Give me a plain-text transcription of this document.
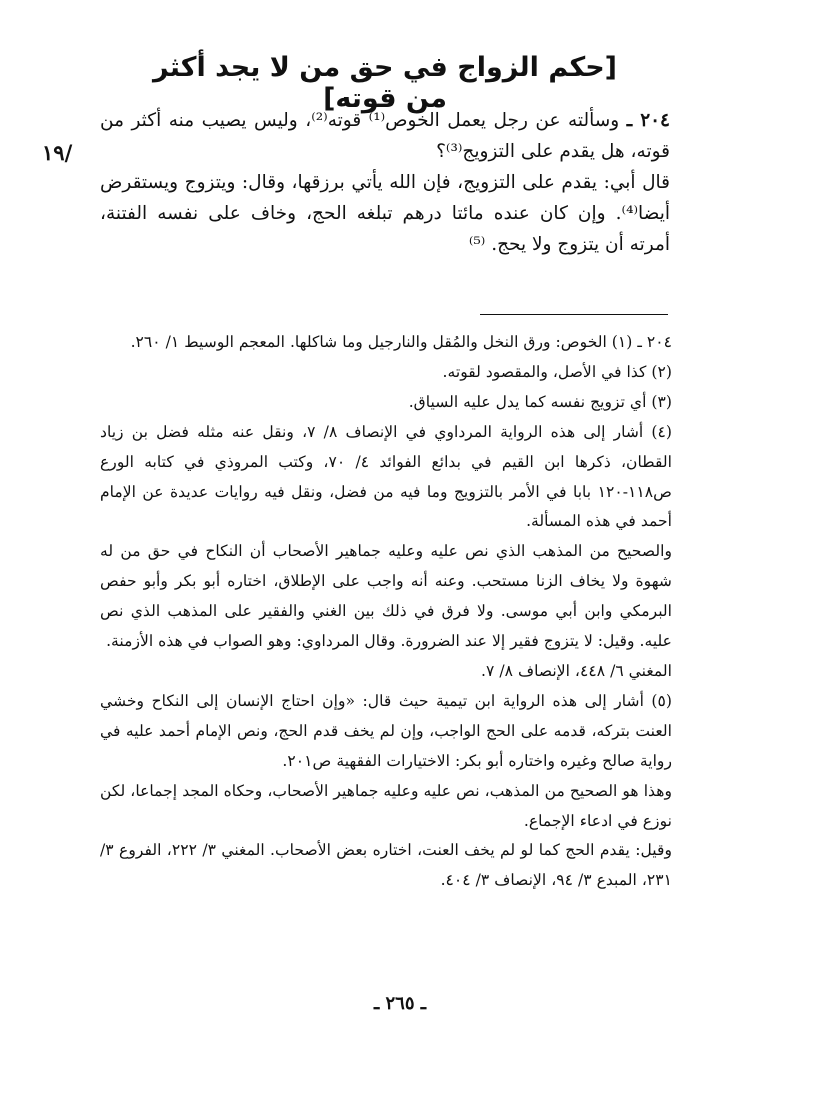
[حكم الزواج في حق من لا يجد أكثر من قوته]
١٩/

٢٠٤ ـ وسألته عن رجل يعمل الخوص⁽¹⁾ قوته⁽²⁾، وليس يصيب منه أكثر من قوته، هل يقدم على التزويج⁽³⁾؟

قال أبي: يقدم على التزويج، فإن الله يأتي برزقها، وقال: ويتزوج ويستقرض أيضا⁽⁴⁾. وإن كان عنده مائتا درهم تبلغه الحج، وخاف على نفسه الفتنة، أمرته أن يتزوج ولا يحج. ⁽⁵⁾

٢٠٤ ـ (١) الخوص: ورق النخل والمُقل والنارجيل وما شاكلها. المعجم الوسيط ١/ ٢٦٠.

(٢) كذا في الأصل، والمقصود لقوته.

(٣) أي تزويج نفسه كما يدل عليه السياق.

(٤) أشار إلى هذه الرواية المرداوي في الإنصاف ٨/ ٧، ونقل عنه مثله فضل بن زياد القطان، ذكرها ابن القيم في بدائع الفوائد ٤/ ٧٠، وكتب المروذي في كتابه الورع ص١١٨-١٢٠ بابا في الأمر بالتزويج وما فيه من فضل، ونقل فيه روايات عديدة عن الإمام أحمد في هذه المسألة.

والصحيح من المذهب الذي نص عليه وعليه جماهير الأصحاب أن النكاح في حق من له شهوة ولا يخاف الزنا مستحب. وعنه أنه واجب على الإطلاق، اختاره أبو بكر وأبو حفص البرمكي وابن أبي موسى. ولا فرق في ذلك بين الغني والفقير على المذهب الذي نص عليه. وقيل: لا يتزوج فقير إلا عند الضرورة. وقال المرداوي: وهو الصواب في هذه الأزمنة.

المغني ٦/ ٤٤٨، الإنصاف ٨/ ٧.

(٥) أشار إلى هذه الرواية ابن تيمية حيث قال: «وإن احتاج الإنسان إلى النكاح وخشي العنت بتركه، قدمه على الحج الواجب، وإن لم يخف قدم الحج، ونص الإمام أحمد عليه في رواية صالح وغيره واختاره أبو بكر: الاختيارات الفقهية ص٢٠١.

وهذا هو الصحيح من المذهب، نص عليه وعليه جماهير الأصحاب، وحكاه المجد إجماعا، لكن نوزع في ادعاء الإجماع.

وقيل: يقدم الحج كما لو لم يخف العنت، اختاره بعض الأصحاب. المغني ٣/ ٢٢٢، الفروع ٣/ ٢٣١، المبدع ٣/ ٩٤، الإنصاف ٣/ ٤٠٤.

ـ ٢٦٥ ـ
